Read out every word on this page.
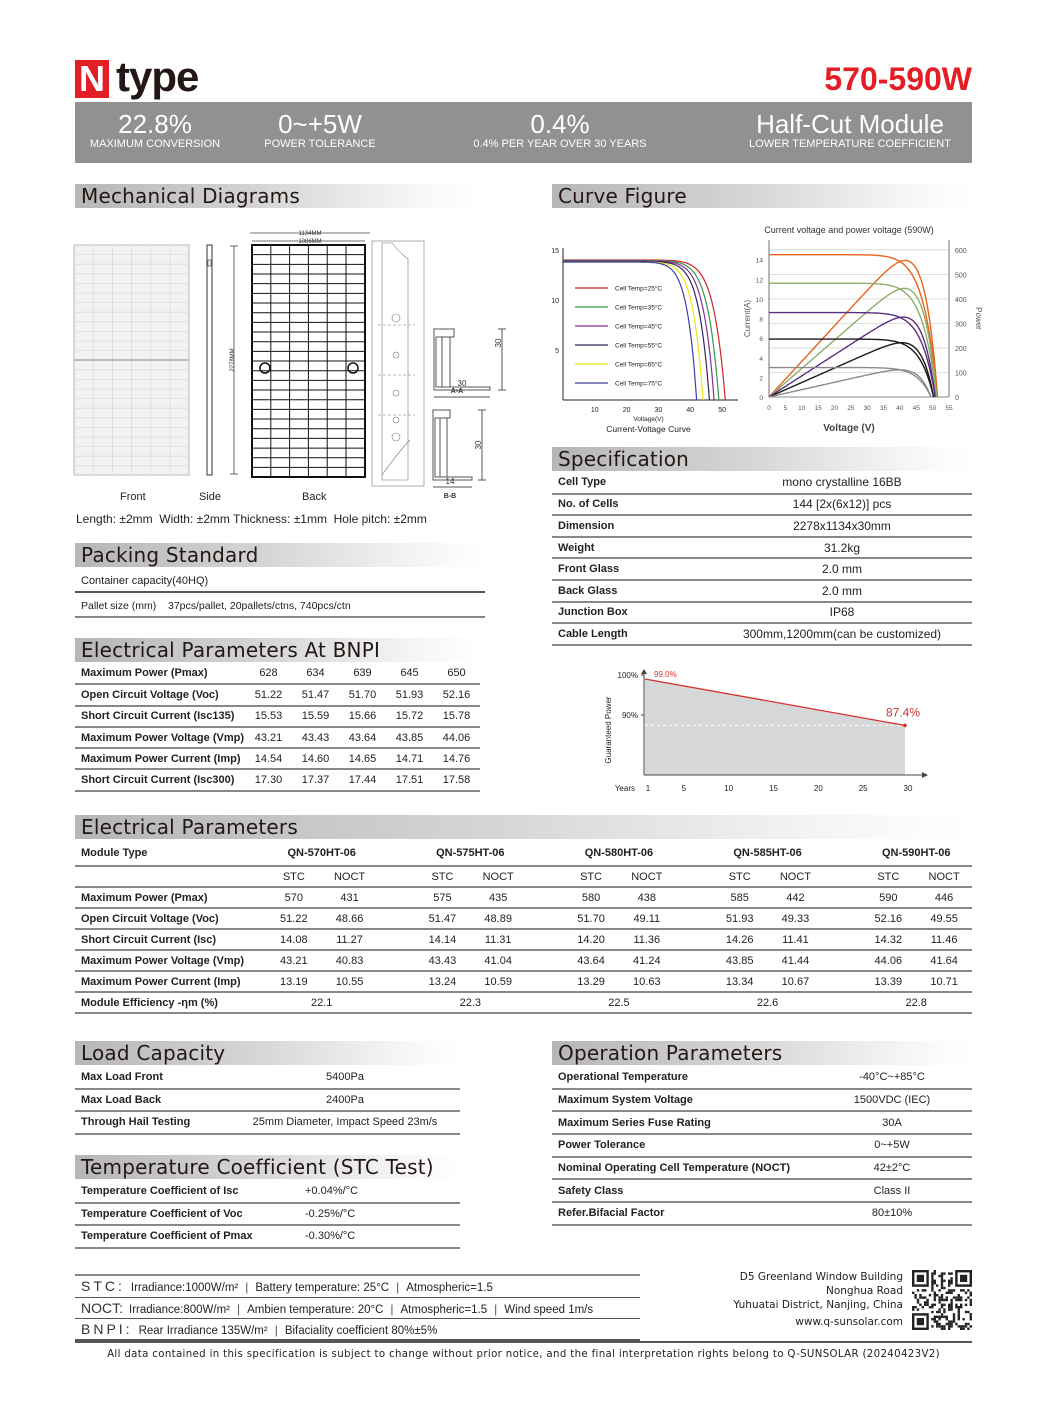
N type	570-590W
22.8%
MAXIMUM CONVERSION
0~+5W
POWER TOLERANCE
0.4%
0.4% PER YEAR OVER 30 YEARS
Half-Cut Module
LOWER TEMPERATURE COEFFICIENT
Mechanical Diagrams
2278MM
1134MM
1086MM
30
30
A-A
30
14
B-B
Front	Side	Back
Length: ±2mm  Width: ±2mm Thickness: ±1mm  Hole pitch: ±2mm
Curve Figure
10	20	30	40	50
5
10
15
Cell Temp=25°C
Cell Temp=35°C
Cell Temp=45°C
Cell Temp=55°C
Cell Temp=65°C
Cell Temp=75°C
Voltage(V)
Current-Voltage Curve
Current voltage and power voltage (590W)
0
100
200
300
400
500
600
0
2
4
6
8
10
12
14
0 5 10 15 20 25 30 35 40 45 50 55
Current(A)	Power
Voltage (V)
Specification
Cell Type	mono crystalline 16BB
No. of Cells	144 [2x(6x12)] pcs
Dimension	2278x1134x30mm
Weight	31.2kg
Front Glass	2.0 mm
Back Glass	2.0 mm
Junction Box	IP68
Cable Length	300mm,1200mm(can be customized)
100%
90%
1	5	10	15	20	25	30
Years
Guaranteed Power
99.0%
87.4%
Packing Standard
Container capacity(40HQ)
Pallet size (mm) 37pcs/pallet, 20pallets/ctns, 740pcs/ctn
Electrical Parameters At BNPI
Maximum Power (Pmax)	628	634	639	645	650
Open Circuit Voltage (Voc)	51.22	51.47	51.70	51.93	52.16
Short Circuit Current (Isc135)	15.53	15.59	15.66	15.72	15.78
Maximum Power Voltage (Vmp)	43.21	43.43	43.64	43.85	44.06
Maximum Power Current (Imp)	14.54	14.60	14.65	14.71	14.76
Short Circuit Current (Isc300)	17.30	17.37	17.44	17.51	17.58
Electrical Parameters
Module Type	QN-570HT-06			QN-575HT-06			QN-580HT-06			QN-585HT-06			QN-590HT-06	
	STC	NOCT		STC	NOCT		STC	NOCT		STC	NOCT		STC	NOCT
Maximum Power (Pmax)	570	431		575	435		580	438		585	442		590	446
Open Circuit Voltage (Voc)	51.22	48.66		51.47	48.89		51.70	49.11		51.93	49.33		52.16	49.55
Short Circuit Current (Isc)	14.08	11.27		14.14	11.31		14.20	11.36		14.26	11.41		14.32	11.46
Maximum Power Voltage (Vmp)	43.21	40.83		43.43	41.04		43.64	41.24		43.85	41.44		44.06	41.64
Maximum Power Current (Imp)	13.19	10.55		13.24	10.59		13.29	10.63		13.34	10.67		13.39	10.71
Module Efficiency -ηm (%)	22.1			22.3			22.5			22.6			22.8	
Load Capacity
Max Load Front	5400Pa
Max Load Back	2400Pa
Through Hail Testing	25mm Diameter, Impact Speed 23m/s
Temperature Coefficient (STC Test)
Temperature Coefficient of Isc	+0.04%/°C
Temperature Coefficient of Voc	-0.25%/°C
Temperature Coefficient of Pmax	-0.30%/°C
Operation Parameters
Operational Temperature	-40°C~+85°C
Maximum System Voltage	1500VDC (IEC)
Maximum Series Fuse Rating	30A
Power Tolerance	0~+5W
Nominal Operating Cell Temperature (NOCT)	42±2°C
Safety Class	Class II
Refer.Bifacial Factor	80±10%
STC: Irradiance:1000W/m² | Battery temperature: 25°C | Atmospheric=1.5
NOCT: Irradiance:800W/m² | Ambien temperature: 20°C | Atmospheric=1.5 | Wind speed 1m/s
BNPI: Rear Irradiance 135W/m² | Bifaciality coefficient 80%±5%
D5 Greenland Window Building
Nonghua Road
Yuhuatai District, Nanjing, China
www.q-sunsolar.com
All data contained in this specification is subject to change without prior notice, and the final interpretation rights belong to Q-SUNSOLAR (20240423V2)
